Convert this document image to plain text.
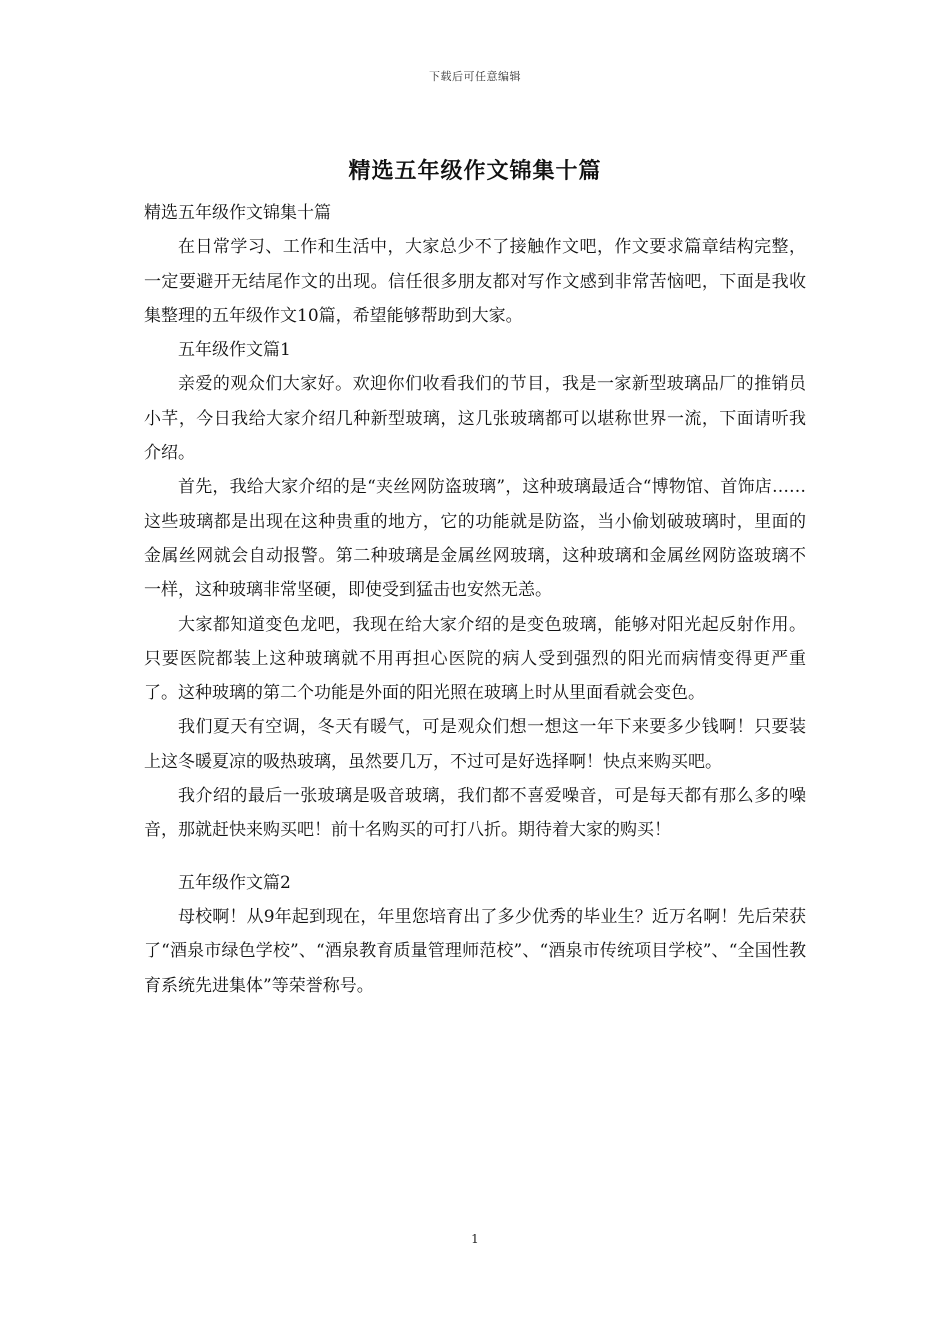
下载后可任意编辑
精选五年级作文锦集十篇

精选五年级作文锦集十篇

在日常学习、工作和生活中，大家总少不了接触作文吧，作文要求篇章结构完整，一定要避开无结尾作文的出现。信任很多朋友都对写作文感到非常苦恼吧，下面是我收集整理的五年级作文10篇，希望能够帮助到大家。

五年级作文篇1

亲爱的观众们大家好。欢迎你们收看我们的节目，我是一家新型玻璃品厂的推销员小芊，今日我给大家介绍几种新型玻璃，这几张玻璃都可以堪称世界一流，下面请听我介绍。

首先，我给大家介绍的是“夹丝网防盗玻璃”，这种玻璃最适合“博物馆、首饰店……这些玻璃都是出现在这种贵重的地方，它的功能就是防盗，当小偷划破玻璃时，里面的金属丝网就会自动报警。第二种玻璃是金属丝网玻璃，这种玻璃和金属丝网防盗玻璃不一样，这种玻璃非常坚硬，即使受到猛击也安然无恙。

大家都知道变色龙吧，我现在给大家介绍的是变色玻璃，能够对阳光起反射作用。只要医院都装上这种玻璃就不用再担心医院的病人受到强烈的阳光而病情变得更严重了。这种玻璃的第二个功能是外面的阳光照在玻璃上时从里面看就会变色。

我们夏天有空调，冬天有暖气，可是观众们想一想这一年下来要多少钱啊！只要装上这冬暖夏凉的吸热玻璃，虽然要几万，不过可是好选择啊！快点来购买吧。

我介绍的最后一张玻璃是吸音玻璃，我们都不喜爱噪音，可是每天都有那么多的噪音，那就赶快来购买吧！前十名购买的可打八折。期待着大家的购买！

五年级作文篇2

母校啊！从9年起到现在，年里您培育出了多少优秀的毕业生？近万名啊！先后荣获了“酒泉市绿色学校”、“酒泉教育质量管理师范校”、“酒泉市传统项目学校”、“全国性教育系统先进集体”等荣誉称号。

1
